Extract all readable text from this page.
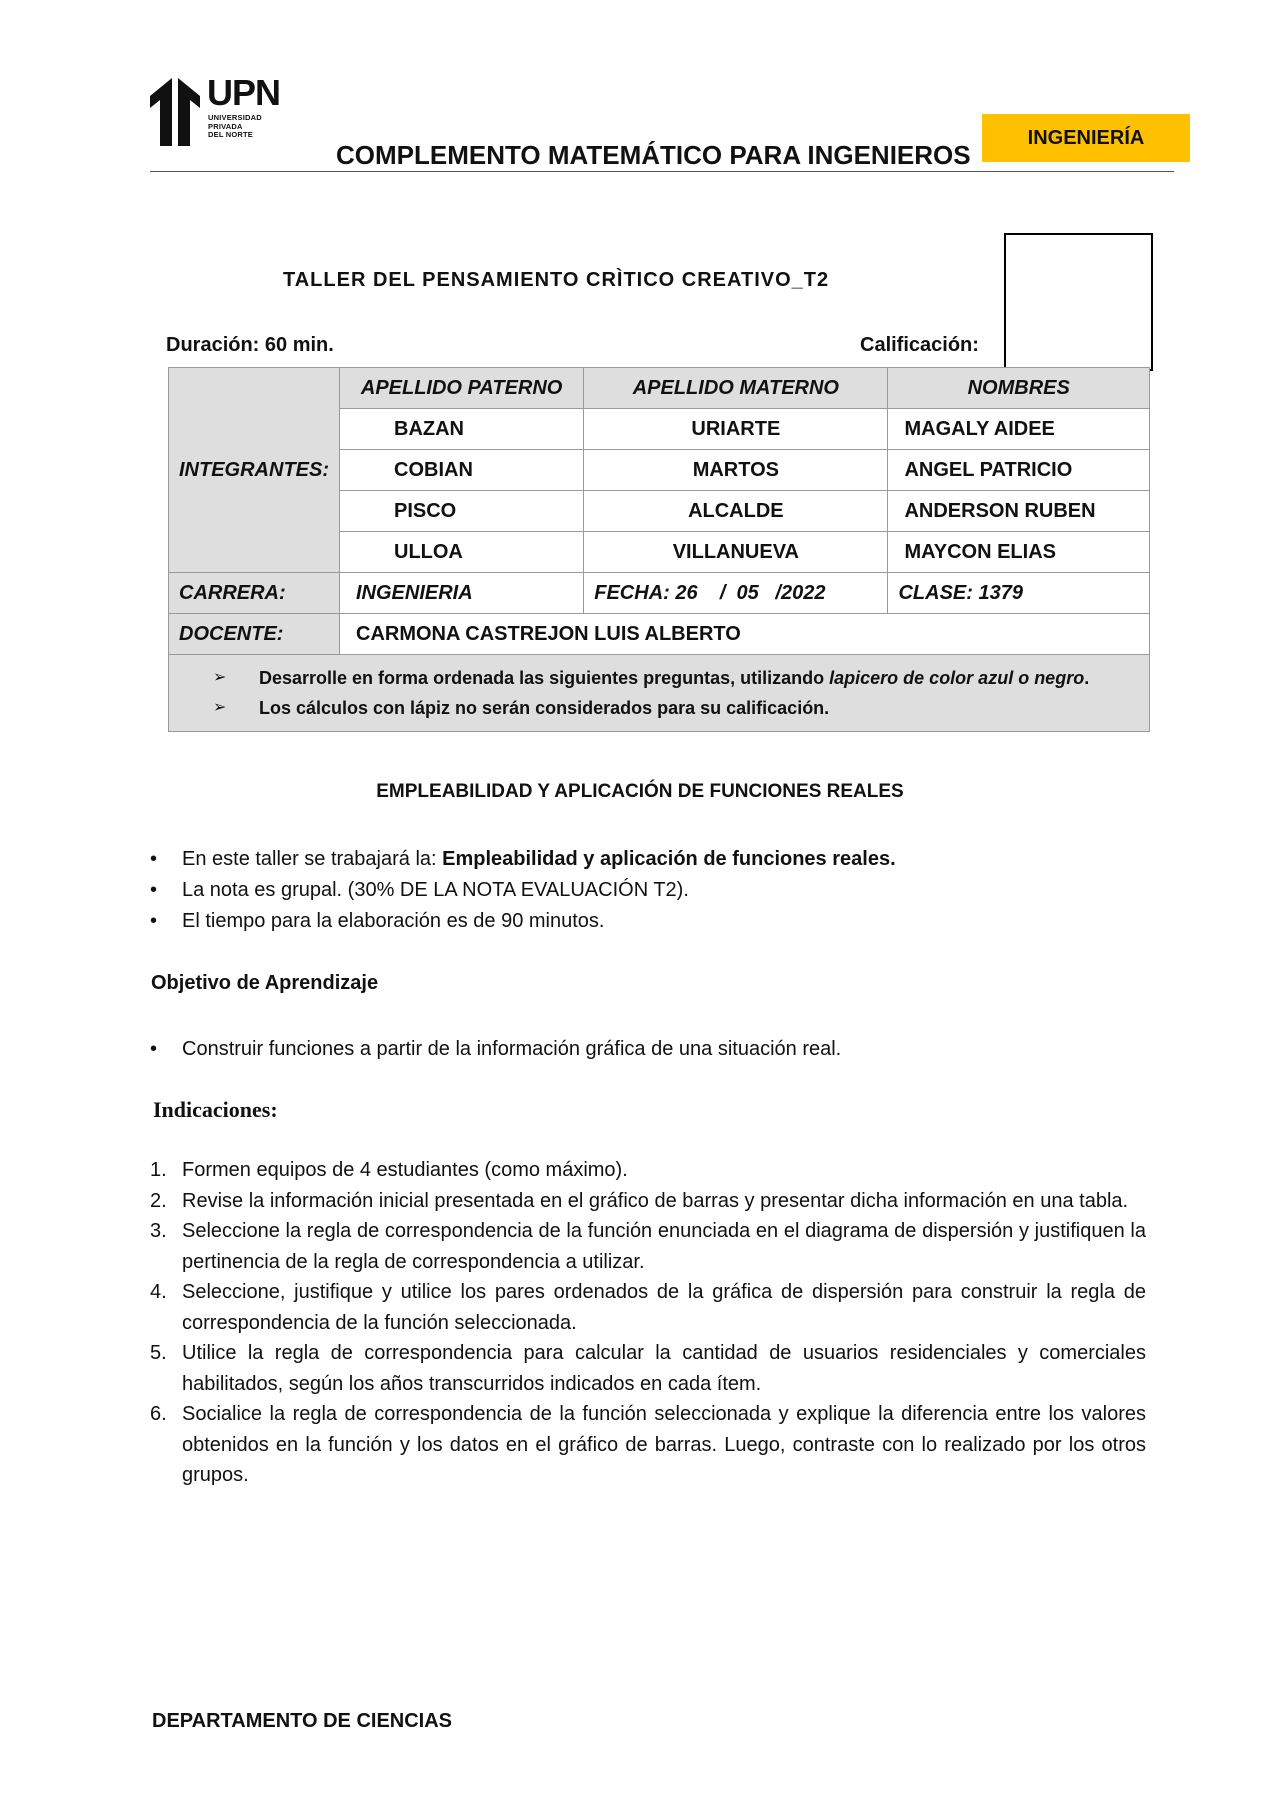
UPN
UNIVERSIDAD
PRIVADA
DEL NORTE
COMPLEMENTO MATEMÁTICO PARA INGENIEROS
INGENIERÍA
TALLER DEL PENSAMIENTO CRÌTICO CREATIVO_T2
Duración: 60 min.	Calificación:
INTEGRANTES:	APELLIDO PATERNO	APELLIDO MATERNO	NOMBRES
	BAZAN	URIARTE	MAGALY AIDEE
	COBIAN	MARTOS	ANGEL PATRICIO
	PISCO	ALCALDE	ANDERSON RUBEN
	ULLOA	VILLANUEVA	MAYCON ELIAS
CARRERA:	INGENIERIA	FECHA: 26    /  05   /2022	CLASE: 1379
DOCENTE:	CARMONA CASTREJON LUIS ALBERTO		

➢ Desarrolle en forma ordenada las siguientes preguntas, utilizando lapicero de color azul o negro.
➢ Los cálculos con lápiz no serán considerados para su calificación.			
EMPLEABILIDAD Y APLICACIÓN DE FUNCIONES REALES
• En este taller se trabajará la: Empleabilidad y aplicación de funciones reales.
• La nota es grupal. (30% DE LA NOTA EVALUACIÓN T2).
• El tiempo para la elaboración es de 90 minutos.
Objetivo de Aprendizaje
• Construir funciones a partir de la información gráfica de una situación real.
Indicaciones:
1. Formen equipos de 4 estudiantes (como máximo).
2. Revise la información inicial presentada en el gráfico de barras y presentar dicha información en una tabla.
3. Seleccione la regla de correspondencia de la función enunciada en el diagrama de dispersión y justifiquen la pertinencia de la regla de correspondencia a utilizar.
4. Seleccione, justifique y utilice los pares ordenados de la gráfica de dispersión para construir la regla de correspondencia de la función seleccionada.
5. Utilice la regla de correspondencia para calcular la cantidad de usuarios residenciales y comerciales habilitados, según los años transcurridos indicados en cada ítem.
6. Socialice la regla de correspondencia de la función seleccionada y explique la diferencia entre los valores obtenidos en la función y los datos en el gráfico de barras. Luego, contraste con lo realizado por los otros grupos.
DEPARTAMENTO DE CIENCIAS
